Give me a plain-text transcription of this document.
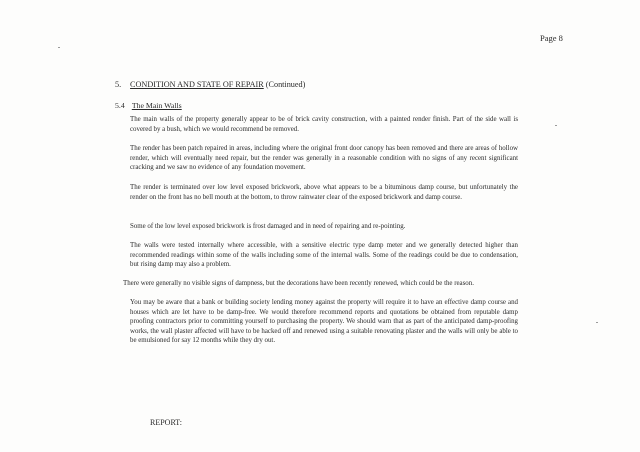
Page 8
5. CONDITION AND STATE OF REPAIR (Continued)
5.4 The Main Walls

The main walls of the property generally appear to be of brick cavity construction, with a painted render finish. Part of the side wall is covered by a bush, which we would recommend be removed.

The render has been patch repaired in areas, including where the original front door canopy has been removed and there are areas of hollow render, which will eventually need repair, but the render was generally in a reasonable condition with no signs of any recent significant cracking and we saw no evidence of any foundation movement.

The render is terminated over low level exposed brickwork, above what appears to be a bituminous damp course, but unfortunately the render on the front has no bell mouth at the bottom, to throw rainwater clear of the exposed brickwork and damp course.

Some of the low level exposed brickwork is frost damaged and in need of repairing and re-pointing.

The walls were tested internally where accessible, with a sensitive electric type damp meter and we generally detected higher than recommended readings within some of the walls including some of the internal walls. Some of the readings could be due to condensation, but rising damp may also a problem.

There were generally no visible signs of dampness, but the decorations have been recently renewed, which could be the reason.

You may be aware that a bank or building society lending money against the property will require it to have an effective damp course and houses which are let have to be damp-free. We would therefore recommend reports and quotations be obtained from reputable damp proofing contractors prior to committing yourself to purchasing the property. We should warn that as part of the anticipated damp-proofing works, the wall plaster affected will have to be hacked off and renewed using a suitable renovating plaster and the walls will only be able to be emulsioned for say 12 months while they dry out.

REPORT:
